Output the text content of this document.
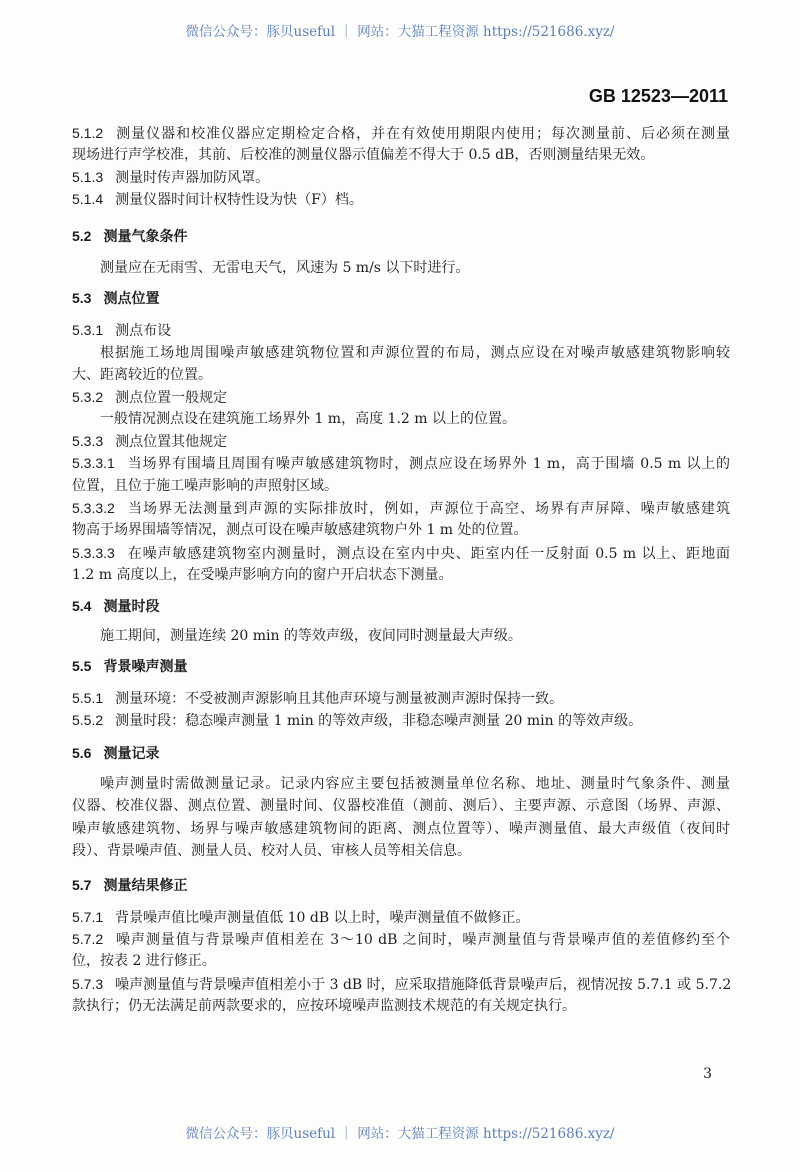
微信公众号：豚贝useful ｜ 网站：大猫工程资源 https://521686.xyz/
GB 12523—2011
5.1.2 测量仪器和校准仪器应定期检定合格，并在有效使用期限内使用；每次测量前、后必须在测量
现场进行声学校准，其前、后校准的测量仪器示值偏差不得大于 0.5 dB，否则测量结果无效。
5.1.3 测量时传声器加防风罩。
5.1.4 测量仪器时间计权特性设为快（F）档。
5.2 测量气象条件
测量应在无雨雪、无雷电天气，风速为 5 m/s 以下时进行。
5.3 测点位置
5.3.1 测点布设
根据施工场地周围噪声敏感建筑物位置和声源位置的布局，测点应设在对噪声敏感建筑物影响较
大、距离较近的位置。
5.3.2 测点位置一般规定
一般情况测点设在建筑施工场界外 1 m，高度 1.2 m 以上的位置。
5.3.3 测点位置其他规定
5.3.3.1 当场界有围墙且周围有噪声敏感建筑物时，测点应设在场界外 1 m，高于围墙 0.5 m 以上的
位置，且位于施工噪声影响的声照射区域。
5.3.3.2 当场界无法测量到声源的实际排放时，例如，声源位于高空、场界有声屏障、噪声敏感建筑
物高于场界围墙等情况，测点可设在噪声敏感建筑物户外 1 m 处的位置。
5.3.3.3 在噪声敏感建筑物室内测量时，测点设在室内中央、距室内任一反射面 0.5 m 以上、距地面
1.2 m 高度以上，在受噪声影响方向的窗户开启状态下测量。
5.4 测量时段
施工期间，测量连续 20 min 的等效声级，夜间同时测量最大声级。
5.5 背景噪声测量
5.5.1 测量环境：不受被测声源影响且其他声环境与测量被测声源时保持一致。
5.5.2 测量时段：稳态噪声测量 1 min 的等效声级，非稳态噪声测量 20 min 的等效声级。
5.6 测量记录
噪声测量时需做测量记录。记录内容应主要包括被测量单位名称、地址、测量时气象条件、测量
仪器、校准仪器、测点位置、测量时间、仪器校准值（测前、测后）、主要声源、示意图（场界、声源、
噪声敏感建筑物、场界与噪声敏感建筑物间的距离、测点位置等）、噪声测量值、最大声级值（夜间时
段）、背景噪声值、测量人员、校对人员、审核人员等相关信息。
5.7 测量结果修正
5.7.1 背景噪声值比噪声测量值低 10 dB 以上时，噪声测量值不做修正。
5.7.2 噪声测量值与背景噪声值相差在 3～10 dB 之间时，噪声测量值与背景噪声值的差值修约至个
位，按表 2 进行修正。
5.7.3 噪声测量值与背景噪声值相差小于 3 dB 时，应采取措施降低背景噪声后，视情况按 5.7.1 或 5.7.2
款执行；仍无法满足前两款要求的，应按环境噪声监测技术规范的有关规定执行。
3
微信公众号：豚贝useful ｜ 网站：大猫工程资源 https://521686.xyz/
